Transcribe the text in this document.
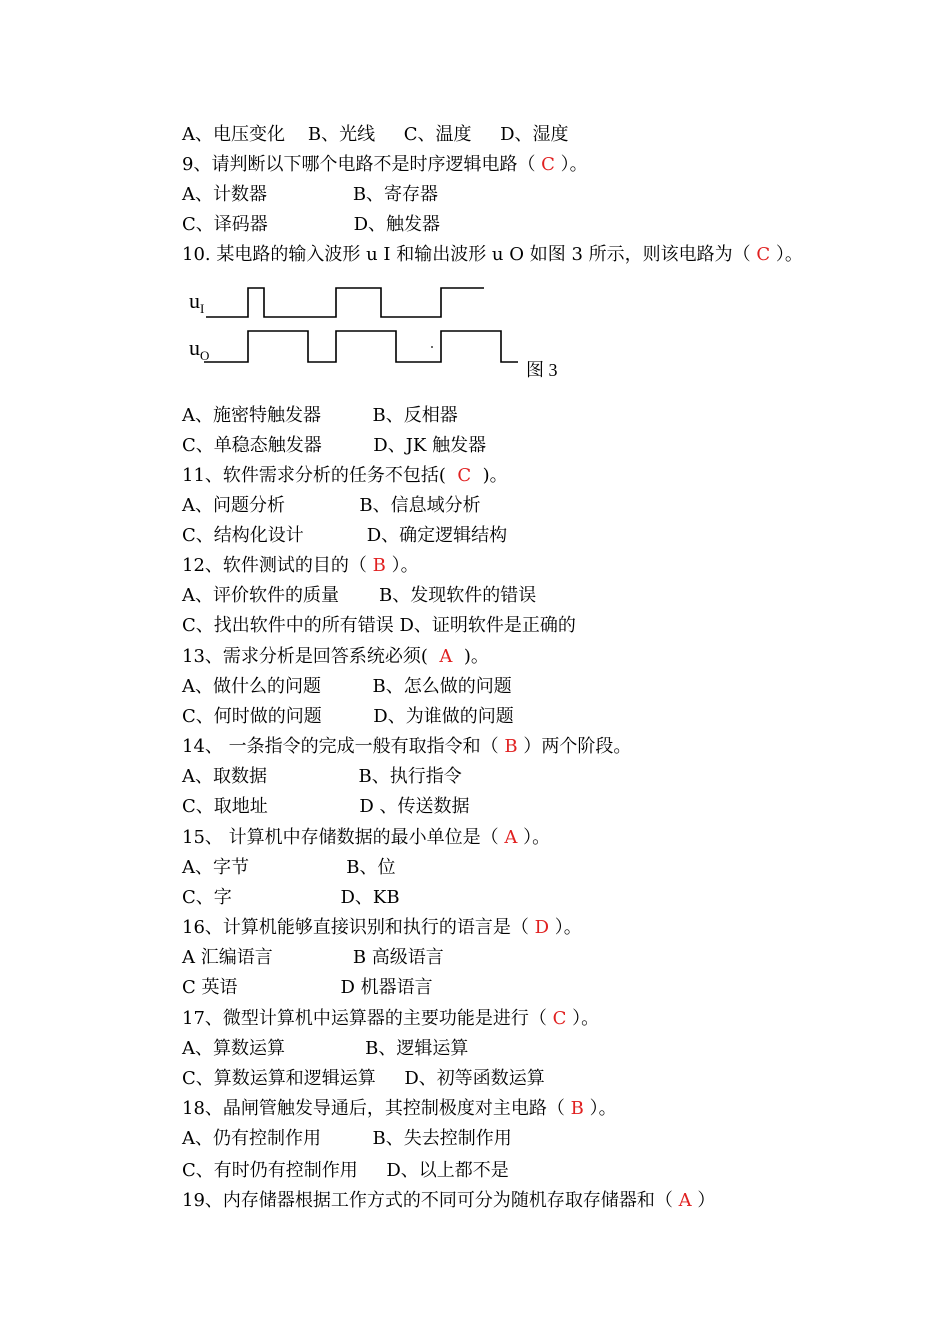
A、电压变化    B、光线     C、温度     D、湿度
9、请判断以下哪个电路不是时序逻辑电路（ C ）。
A、计数器               B、寄存器
C、译码器               D、触发器
10. 某电路的输入波形 u I 和输出波形 u O 如图 3 所示，则该电路为（ C ）。
$u_I$
$u_O$
图 3
A、施密特触发器         B、反相器
C、单稳态触发器         D、JK 触发器
11、软件需求分析的任务不包括(  C  )。
A、问题分析             B、信息域分析
C、结构化设计           D、确定逻辑结构
12、软件测试的目的（ B ）。
A、评价软件的质量       B、发现软件的错误
C、找出软件中的所有错误 D、证明软件是正确的
13、需求分析是回答系统必须(  A  )。
A、做什么的问题         B、怎么做的问题
C、何时做的问题         D、为谁做的问题
14、 一条指令的完成一般有取指令和（ B ）两个阶段。
A、取数据                B、执行指令
C、取地址                D 、传送数据
15、 计算机中存储数据的最小单位是（ A ）。
A、字节                 B、位
C、字                   D、KB
16、计算机能够直接识别和执行的语言是（ D ）。
A 汇编语言              B 高级语言
C 英语                  D 机器语言
17、微型计算机中运算器的主要功能是进行（ C ）。
A、算数运算              B、逻辑运算
C、算数运算和逻辑运算     D、初等函数运算
18、晶闸管触发导通后，其控制极度对主电路（ B ）。
A、仍有控制作用         B、失去控制作用
C、有时仍有控制作用     D、以上都不是
19、内存储器根据工作方式的不同可分为随机存取存储器和（ A ）
